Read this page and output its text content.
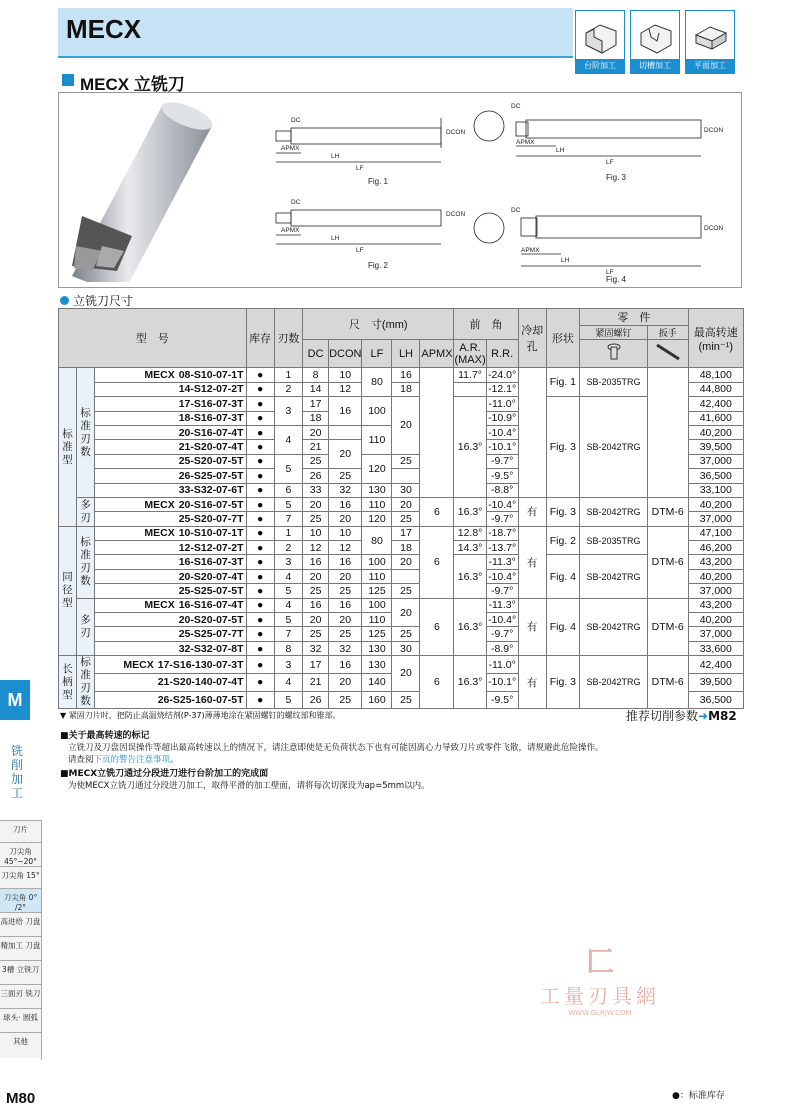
MECX
台阶加工	切槽加工	平面加工
MECX 立铣刀
DC
APMX
LH
LF
DCON
DC
APMX
LH
LF
DCON
DC
APMX
LH
LF
DCON
DC
APMX
LH
LF
DCON
Fig. 1
Fig. 2
Fig. 3
Fig. 4
立铣刀尺寸
型　号			库存	刃数	尺　寸(mm)					前　角		冷却孔	形状	零　件		最高转速
(min⁻¹)

														紧固螺钉	扳手	
					DC	DCON	LF	LH	APMX	A.R.
(MAX)	R.R.		
标准型	标准刃数	MECX 08-S10-07-1T	●	1	8	10	80	16		11.7°	-24.0°		Fig. 1	SB-2035TRG		48,100
		14-S12-07-2T	●	2	14	12		18			-12.1°					44,800
		17-S16-07-3T	●	3	17	16	100	20		16.3°	-11.0°		Fig. 3	SB-2042TRG		42,400
		18-S16-07-3T	●		18						-10.9°					41,600
		20-S16-07-4T	●	4	20		110				-10.4°					40,200
		21-S20-07-4T	●		21	20					-10.1°					39,500
		25-S20-07-5T	●	5	25		120	25			-9.7°					37,000
		26-S25-07-5T	●		26	25					-9.5°					36,500
		33-S32-07-6T	●	6	33	32	130	30			-8.8°					33,100
	多刃	MECX 20-S16-07-5T	●	5	20	16	110	20	6	16.3°	-10.4°	有	Fig. 3	SB-2042TRG	DTM-6	40,200
		25-S20-07-7T	●	7	25	20	120	25			-9.7°					37,000
同径型	标准刃数	MECX 10-S10-07-1T	●	1	10	10	80	17	6	12.8°	-18.7°	有	Fig. 2	SB-2035TRG	DTM-6	47,100
		12-S12-07-2T	●	2	12	12		18		14.3°	-13.7°					46,200
		16-S16-07-3T	●	3	16	16	100	20		16.3°	-11.3°		Fig. 4	SB-2042TRG		43,200
		20-S20-07-4T	●	4	20	20	110				-10.4°					40,200
		25-S25-07-5T	●	5	25	25	125	25			-9.7°					37,000
	多刃	MECX 16-S16-07-4T	●	4	16	16	100	20	6	16.3°	-11.3°	有	Fig. 4	SB-2042TRG	DTM-6	43,200
		20-S20-07-5T	●	5	20	20	110				-10.4°					40,200
		25-S25-07-7T	●	7	25	25	125	25			-9.7°					37,000
		32-S32-07-8T	●	8	32	32	130	30			-8.9°					33,600
长柄型	标准刃数	MECX 17-S16-130-07-3T	●	3	17	16	130	20	6	16.3°	-11.0°	有	Fig. 3	SB-2042TRG	DTM-6	42,400
		21-S20-140-07-4T	●	4	21	20	140				-10.1°					39,500
		26-S25-160-07-5T	●	5	26	25	160	25			-9.5°					36,500
▼ 紧固刀片时，把防止高温烧结剂(P-37)薄薄地涂在紧固螺钉的螺纹部和锥部。	推荐切削参数➜M82
■关于最高转速的标记
立铣刀及刀盘因误操作等超出最高转速以上的情况下，请注意即使是无负荷状态下也有可能因离心力导致刀片或零件飞散，请规避此危险操作。
请查阅下页的警告注意事项。
■MECX立铣刀通过分段进刀进行台阶加工的完成面
为使MECX立铣刀通过分段进刀加工，取得平滑的加工壁面，请将每次切深设为ap=5mm以内。
M
铣削加工
刀片
刀尖角 45°~20°
刀尖角 15°
刀尖角 0° /2°
高进给 刀盘
精加工 刀盘
3槽 立铣刀
三面刃 铣刀
球头· 圆弧
其他
匚
工量刃具網
WWW.GLRJW.COM
M80	●：标准库存
